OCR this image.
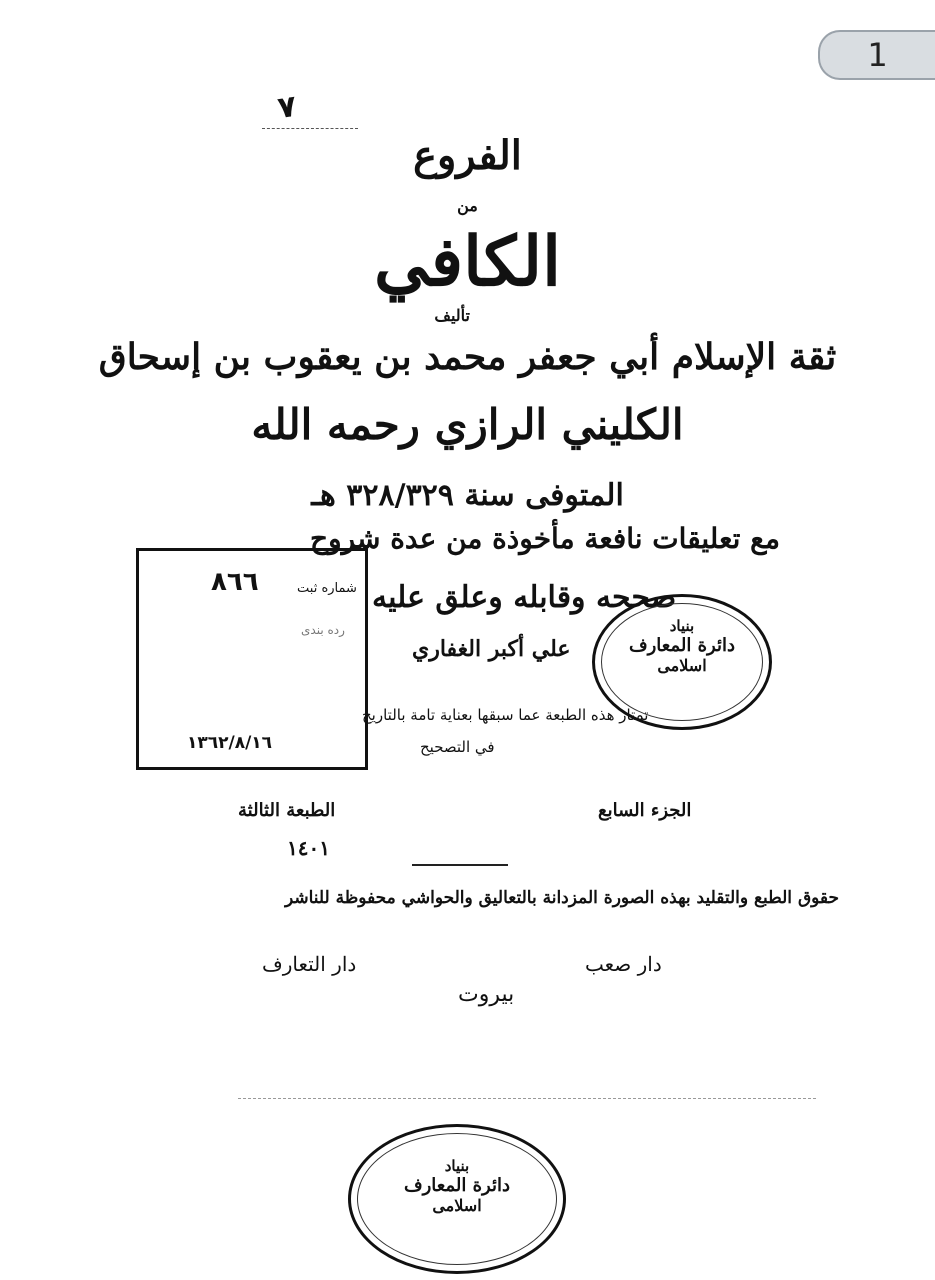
1
٧
الفروع
من
الكافي
تأليف
ثقة الإسلام أبي جعفر محمد بن يعقوب بن إسحاق
الكليني الرازي رحمه الله
المتوفى سنة ٣٢٨/٣٢٩ هـ
مع تعليقات نافعة مأخوذة من عدة شروح
صححه وقابله وعلق عليه
علي أكبر الغفاري
تمتاز هذه الطبعة عما سبقها بعناية تامة بالتاريخ
في التصحيح
٨٦٦	شماره ثبت
رده بندی
١٣٦٢/٨/١٦
بنياد
دائرة المعارف
اسلامی
الجزء السابع
الطبعة الثالثة
١٤٠١
حقوق الطبع والتقليد بهذه الصورة المزدانة بالتعاليق والحواشي محفوظة للناشر
دار صعب
دار التعارف
بيروت
بنياد
دائرة المعارف
اسلامی
